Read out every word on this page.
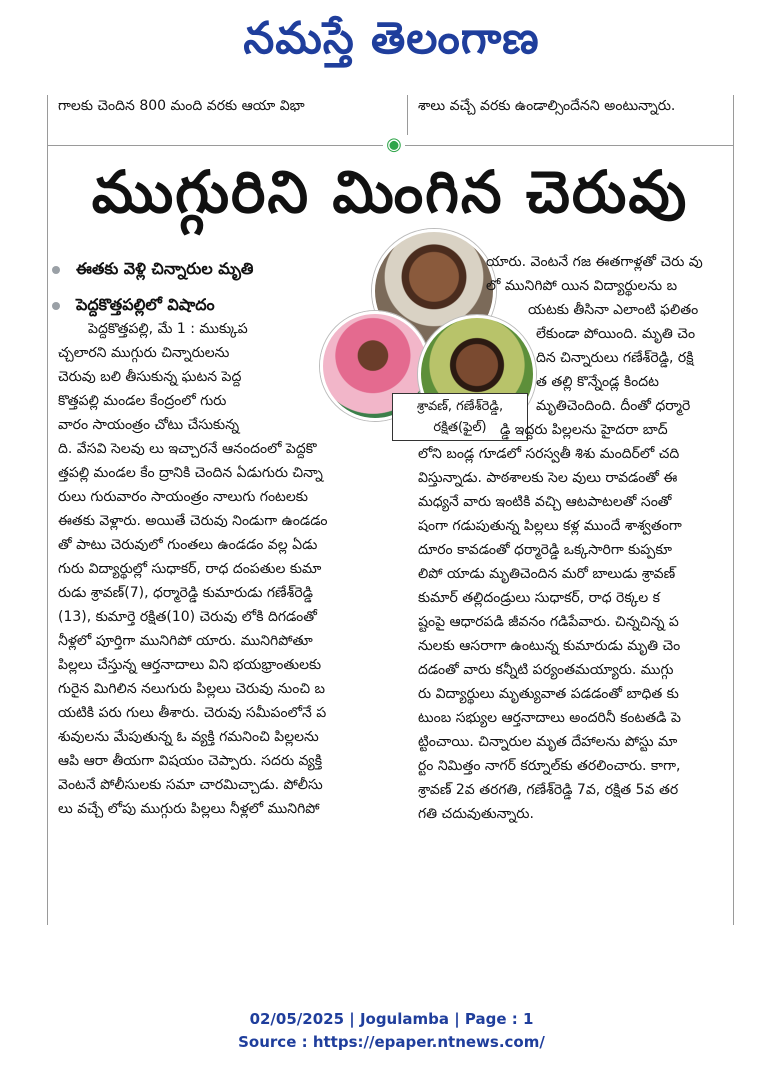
నమస్తే తెలంగాణ
గాలకు చెందిన 800 మంది వరకు ఆయా విభా	శాలు వచ్చే వరకు ఉండాల్సిందేనని అంటున్నారు.
◉
ముగ్గురిని మింగిన చెరువు
ఈతకు వెళ్లి చిన్నారుల మృతి
పెద్దకొత్తపల్లిలో విషాదం
శ్రావణ్, గణేశ్‌రెడ్డి,
రక్షిత(ఫైల్)
పెద్దకొత్తపల్లి, మే 1 : ముక్కుప
చ్చలారని ముగ్గురు చిన్నారులను
చెరువు బలి తీసుకున్న ఘటన పెద్ద
కొత్తపల్లి మండల కేంద్రంలో గురు
వారం సాయంత్రం చోటు చేసుకున్న
ది. వేసవి సెలవు లు ఇచ్చారనే ఆనందంలో పెద్దకొ
త్తపల్లి మండల కేం ద్రానికి చెందిన ఏడుగురు చిన్నా
రులు గురువారం సాయంత్రం నాలుగు గంటలకు
ఈతకు వెళ్లారు. అయితే చెరువు నిండుగా ఉండడం
తో పాటు చెరువులో గుంతలు ఉండడం వల్ల ఏడు
గురు విద్యార్థుల్లో సుధాకర్, రాధ దంపతుల కుమా
రుడు శ్రావణ్(7), ధర్మారెడ్డి కుమారుడు గణేశ్‌రెడ్డి
(13), కుమార్తె రక్షిత(10) చెరువు లోకి దిగడంతో
నీళ్లలో పూర్తిగా మునిగిపో యారు. మునిగిపోతూ
పిల్లలు చేస్తున్న ఆర్తనాదాలు విని భయభ్రాంతులకు
గురైన మిగిలిన నలుగురు పిల్లలు చెరువు నుంచి బ
యటికి పరు గులు తీశారు. చెరువు సమీపంలోనే ప
శువులను మేపుతున్న ఓ వ్యక్తి గమనించి పిల్లలను
ఆపి ఆరా తీయగా విషయం చెప్పారు. సదరు వ్యక్తి
వెంటనే పోలీసులకు సమా చారమిచ్చాడు. పోలీసు
లు వచ్చే లోపు ముగ్గురు పిల్లలు నీళ్లలో మునిగిపో
యారు. వెంటనే గజ ఈతగాళ్లతో చెరు వు
లో మునిగిపో యిన విద్యార్థులను బ
యటకు తీసినా ఎలాంటి ఫలితం
లేకుండా పోయింది. మృతి చెం
దిన చిన్నారులు గణేశ్‌రెడ్డి, రక్షి
త తల్లి కొన్నేండ్ల కిందట
మృతిచెందింది. దీంతో ధర్మారె
డ్డి ఇద్దరు పిల్లలను హైదరా బాద్
లోని బండ్ల గూడలో సరస్వతీ శిశు మందిర్‌లో చది
విస్తున్నాడు. పాఠశాలకు సెల వులు రావడంతో ఈ
మధ్యనే వారు ఇంటికి వచ్చి ఆటపాటలతో సంతో
షంగా గడుపుతున్న పిల్లలు కళ్ల ముందే శాశ్వతంగా
దూరం కావడంతో ధర్మారెడ్డి ఒక్కసారిగా కుప్పకూ
లిపో యాడు మృతిచెందిన మరో బాలుడు శ్రావణ్
కుమార్ తల్లిదండ్రులు సుధాకర్, రాధ రెక్కల క
ష్టంపై ఆధారపడి జీవనం గడిపేవారు. చిన్నచిన్న ప
నులకు ఆసరాగా ఉంటున్న కుమారుడు మృతి చెం
దడంతో వారు కన్నీటి పర్యంతమయ్యారు. ముగ్గు
రు విద్యార్థులు మృత్యువాత పడడంతో బాధిత కు
టుంబ సభ్యుల ఆర్తనాదాలు అందరినీ కంటతడి పె
ట్టించాయి. చిన్నారుల మృత దేహాలను పోస్టు మా
ర్టం నిమిత్తం నాగర్ కర్నూల్‌కు తరలించారు. కాగా,
శ్రావణ్ 2వ తరగతి, గణేశ్‌రెడ్డి 7వ, రక్షిత 5వ తర
గతి చదువుతున్నారు.
02/05/2025 | Jogulamba | Page : 1
Source : https://epaper.ntnews.com/
